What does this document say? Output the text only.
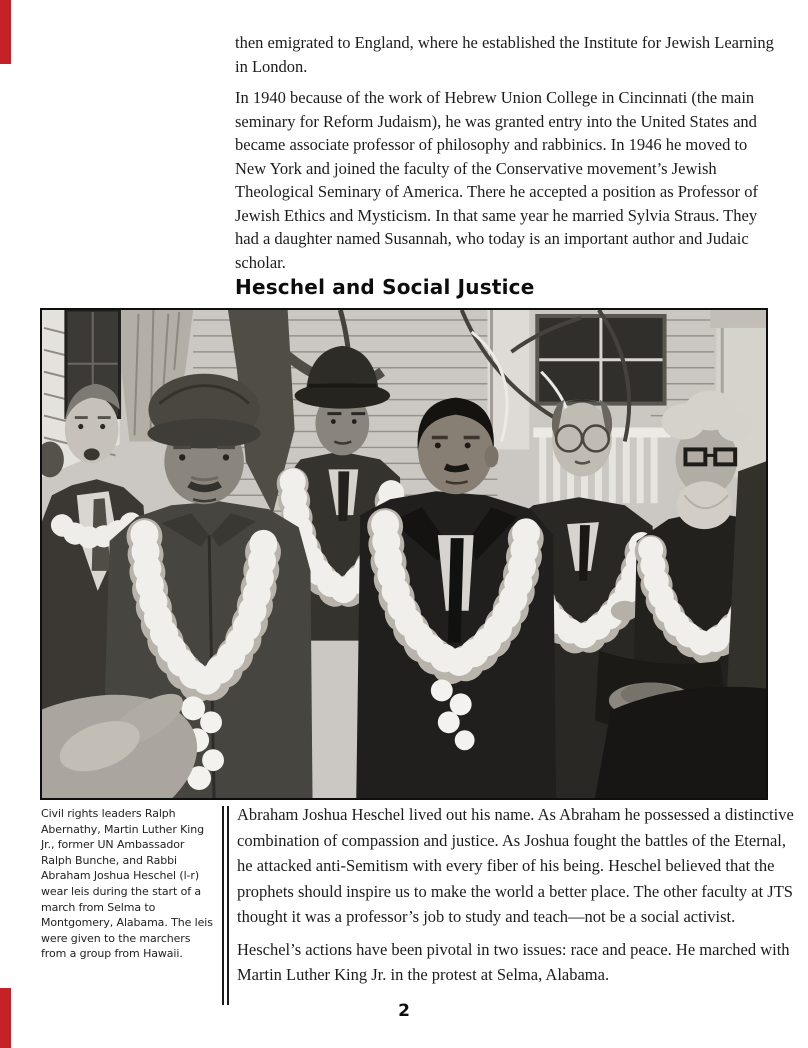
then emigrated to England, where he established the Institute for Jewish Learning in London.

In 1940 because of the work of Hebrew Union College in Cincinnati (the main seminary for Reform Judaism), he was granted entry into the United States and became associate professor of philosophy and rabbinics. In 1946 he moved to New York and joined the faculty of the Conservative movement’s Jewish Theological Seminary of America. There he accepted a position as Professor of Jewish Ethics and Mysticism. In that same year he married Sylvia Straus. They had a daughter named Susannah, who today is an important author and Judaic scholar.

Heschel and Social Justice

Civil rights leaders Ralph Abernathy, Martin Luther King Jr., former UN Ambassador Ralph Bunche, and Rabbi Abraham Joshua Heschel (l-r) wear leis during the start of a march from Selma to Montgomery, Alabama. The leis were given to the marchers from a group from Hawaii.

Abraham Joshua Heschel lived out his name. As Abraham he possessed a distinctive combination of compassion and justice. As Joshua fought the battles of the Eternal, he attacked anti-Semitism with every fiber of his being. Heschel believed that the prophets should inspire us to make the world a better place. The other faculty at JTS thought it was a professor’s job to study and teach—not be a social activist.

Heschel’s actions have been pivotal in two issues: race and peace. He marched with Martin Luther King Jr. in the protest at Selma, Alabama.

2
